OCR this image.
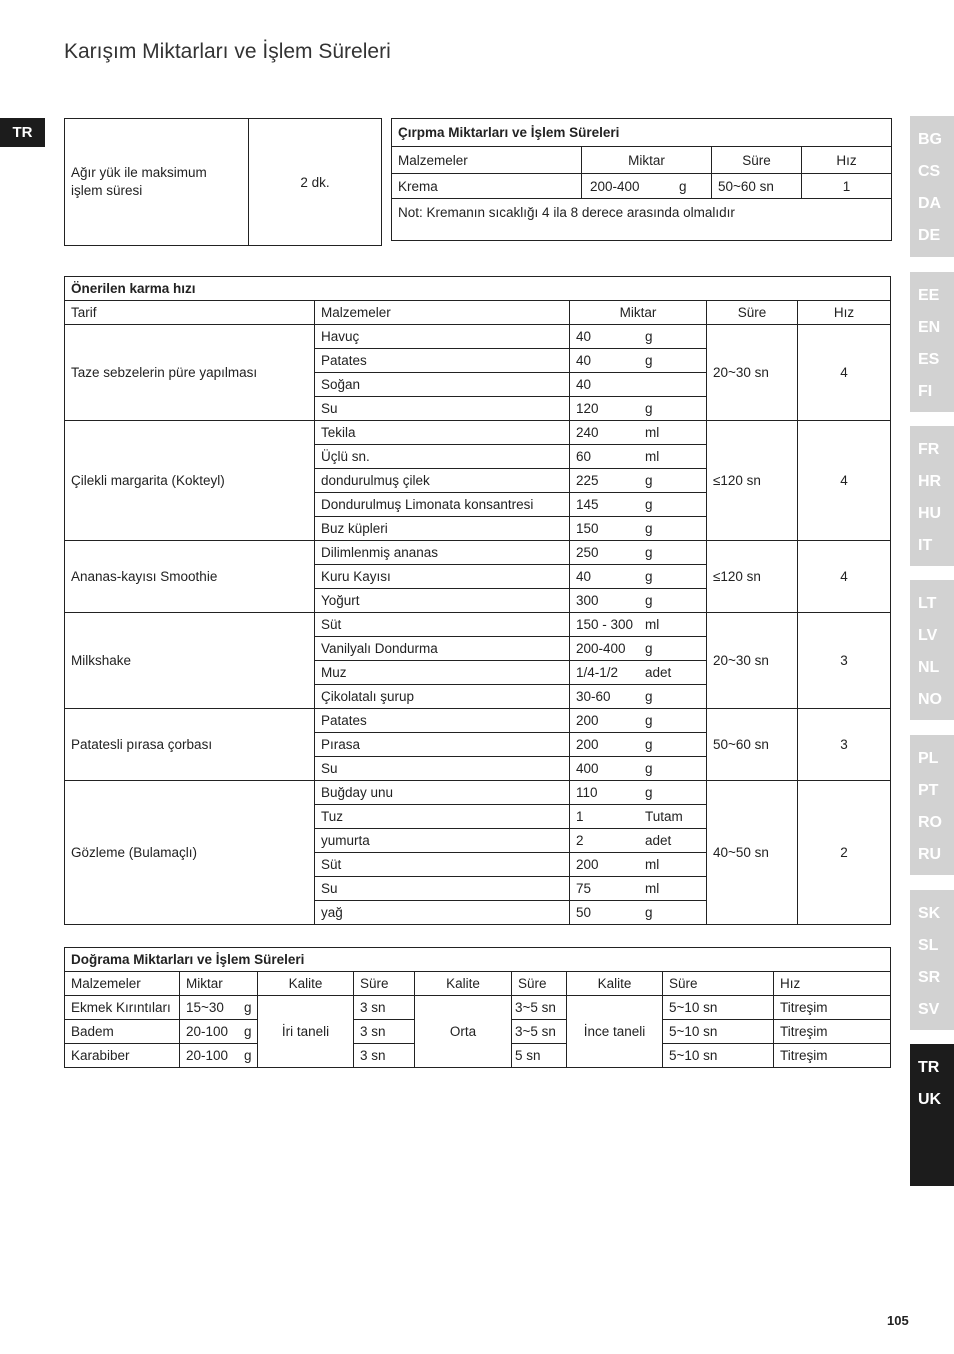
Karışım Miktarları ve İşlem Süreleri
TR	BG
CS
DA
DE
EE
EN
ES
FI
FR
HR
HU
IT
LT
LV
NL
NO
PL
PT
RO
RU
SK
SL
SR
SV
TR
UK
Ağır yük ile maksimum işlem süresi	2 dk.
Çırpma Miktarları ve İşlem Süreleri			
Malzemeler	Miktar	Süre	Hız
Krema	200-400 g	50~60 sn	1
Not: Kremanın sıcaklığı 4 ila 8 derece arasında olmalıdır			
Önerilen karma hızı				
Tarif	Malzemeler	Miktar	Süre	Hız
Taze sebzelerin püre yapılması	Havuç	40 g	20~30 sn	4
	Patates	40 g		
	Soğan	40		
	Su	120 g		
Çilekli margarita (Kokteyl)	Tekila	240 ml	≤120 sn	4
	Üçlü sn.	60 ml		
	dondurulmuş çilek	225 g		
	Dondurulmuş Limonata konsantresi	145 g		
	Buz küpleri	150 g		
Ananas-kayısı Smoothie	Dilimlenmiş ananas	250 g	≤120 sn	4
	Kuru Kayısı	40 g		
	Yoğurt	300 g		
Milkshake	Süt	150 - 300 ml	20~30 sn	3
	Vanilyalı Dondurma	200-400 g		
	Muz	1/4-1/2 adet		
	Çikolatalı şurup	30-60 g		
Patatesli pırasa çorbası	Patates	200 g	50~60 sn	3
	Pırasa	200 g		
	Su	400 g		
Gözleme (Bulamaçlı)	Buğday unu	110 g	40~50 sn	2
	Tuz	1 Tutam		
	yumurta	2 adet		
	Süt	200 ml		
	Su	75 ml		
	yağ	50 g		
Doğrama Miktarları ve İşlem Süreleri								
Malzemeler	Miktar	Kalite	Süre	Kalite	Süre	Kalite	Süre	Hız
Ekmek Kırıntıları	15~30 g	İri taneli	3 sn	Orta	3~5 sn	İnce taneli	5~10 sn	Titreşim
Badem	20-100 g		3 sn		3~5 sn		5~10 sn	Titreşim
Karabiber	20-100 g		3 sn		5 sn		5~10 sn	Titreşim
105
